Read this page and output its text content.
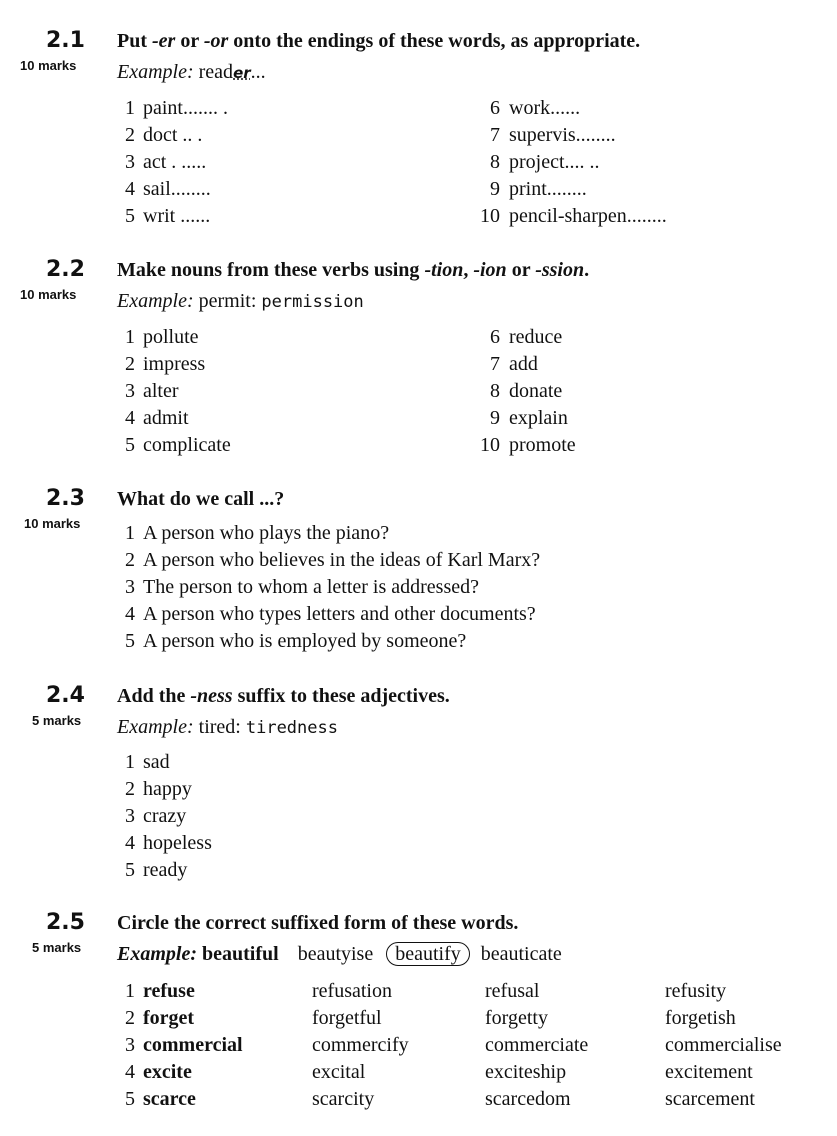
2.1 Put -er or -or onto the endings of these words, as appropriate.
10 marks Example: reader...
1 paint....... .
2 doct .. .
3 act . .....
4 sail........
5 writ ......
6 work......
7 supervis........
8 project.... ..
9 print........
10 pencil-sharpen........
2.2 Make nouns from these verbs using -tion, -ion or -ssion.
10 marks Example: permit: permission
1 pollute
2 impress
3 alter
4 admit
5 complicate
6 reduce
7 add
8 donate
9 explain
10 promote
2.3 What do we call ...?
10 marks	1 A person who plays the piano?
2 A person who believes in the ideas of Karl Marx?
3 The person to whom a letter is addressed?
4 A person who types letters and other documents?
5 A person who is employed by someone?
2.4 Add the -ness suffix to these adjectives.
5 marks Example: tired: tiredness
1 sad
2 happy
3 crazy
4 hopeless
5 ready
2.5 Circle the correct suffixed form of these words.
5 marks Example: beautiful beautyise beautify beauticate
1 refuse	refusation	refusal	refusity
2 forget	forgetful	forgetty	forgetish
3 commercial	commercify	commerciate	commercialise
4 excite	excital	exciteship	excitement
5 scarce	scarcity	scarcedom	scarcement
